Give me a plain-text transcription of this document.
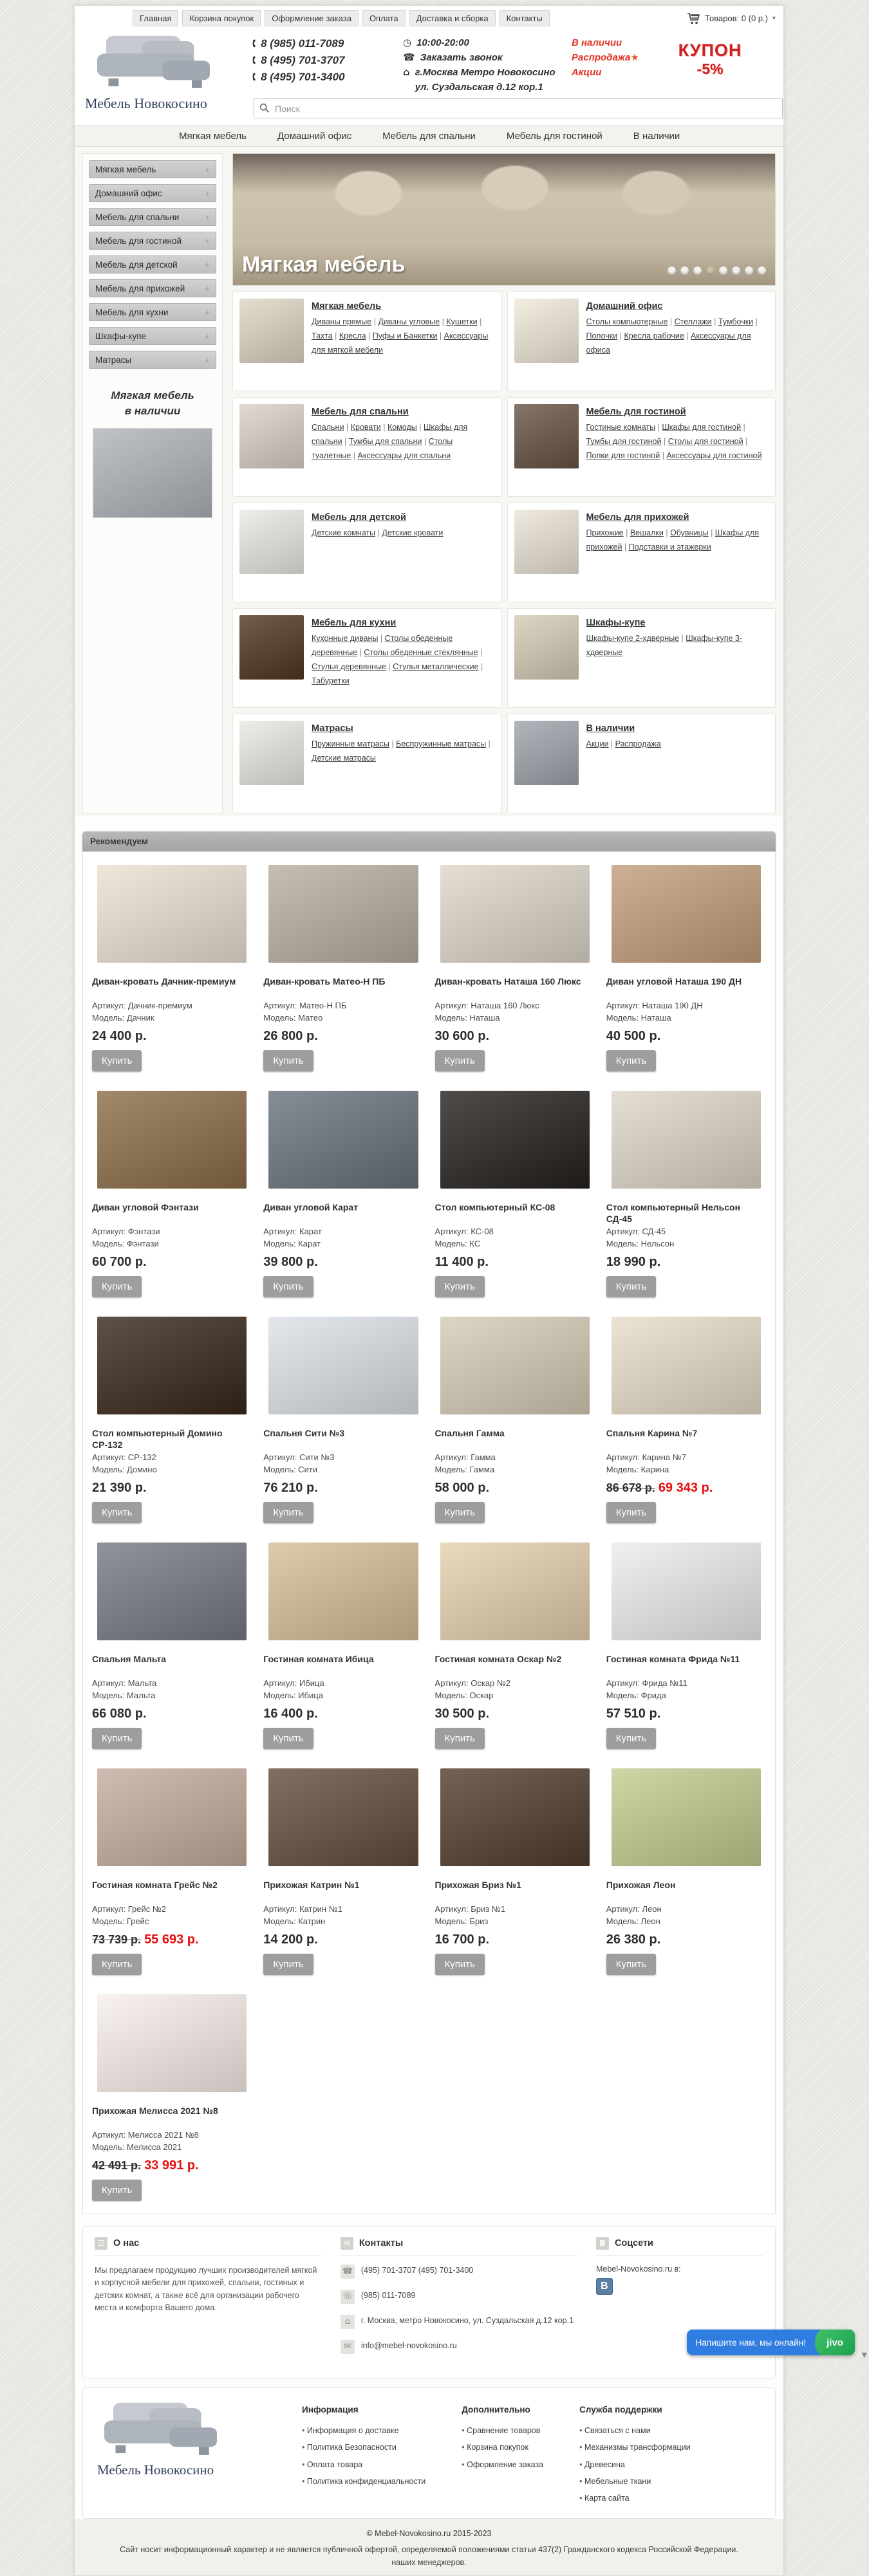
Главная	Корзина покупок	Оформление заказа	Оплата	Доставка и сборка	Контакты	Товаров: 0 (0 р.) ▾
Мебель Новокосино
🕻 8 (985) 011-7089
🕻 8 (495) 701-3707
🕻 8 (495) 701-3400
◷ 10:00-20:00
☎ Заказать звонок
⌂ г.Москва Метро Новокосино
ул. Суздальская д.12 кор.1
В наличии
Распродажа★
Акции
КУПОН
-5%
Поиск
Мягкая мебель	Домашний офис	Мебель для спальни	Мебель для гостиной	В наличии
Мягкая мебель	+
Домашний офис	+
Мебель для спальни	+
Мебель для гостиной	+
Мебель для детской	+
Мебель для прихожей +
Мебель для кухни	+
Шкафы-купе	+
Матрасы	+
Мягкая мебель
в наличии
Мягкая мебель
Мягкая мебель
Диваны прямые | Диваны угловые | Кушетки | Тахта | Кресла | Пуфы и Банкетки | Аксессуары для мягкой мебели
Домашний офис
Столы компьютерные | Стеллажи | Тумбочки | Полочки | Кресла рабочие | Аксессуары для офиса
Мебель для спальни
Спальни | Кровати | Комоды | Шкафы для спальни | Тумбы для спальни | Столы туалетные | Аксессуары для спальни
Мебель для гостиной
Гостиные комнаты | Шкафы для гостиной | Тумбы для гостиной | Столы для гостиной | Полки для гостиной | Аксессуары для гостиной
Мебель для детской
Детские комнаты | Детские кровати
Мебель для прихожей
Прихожие | Вешалки | Обувницы | Шкафы для прихожей | Подставки и этажерки
Мебель для кухни
Кухонные диваны | Столы обеденные деревянные | Столы обеденные стеклянные | Стулья деревянные | Стулья металлические | Табуретки
Шкафы-купе
Шкафы-купе 2-хдверные | Шкафы-купе 3-хдверные
Матрасы
Пружинные матрасы | Беспружинные матрасы | Детские матрасы
В наличии
Акции | Распродажа
Рекомендуем
Диван-кровать Дачник-премиум
Артикул: Дачник-премиум
Модель: Дачник
24 400 р.
Купить
Диван-кровать Матео-Н ПБ
Артикул: Матео-Н ПБ
Модель: Матео
26 800 р.
Купить
Диван-кровать Наташа 160 Люкс
Артикул: Наташа 160 Люкс
Модель: Наташа
30 600 р.
Купить
Диван угловой Наташа 190 ДН
Артикул: Наташа 190 ДН
Модель: Наташа
40 500 р.
Купить
Диван угловой Фэнтази
Артикул: Фэнтази
Модель: Фэнтази
60 700 р.
Купить
Диван угловой Карат
Артикул: Карат
Модель: Карат
39 800 р.
Купить
Стол компьютерный КС-08
Артикул: КС-08
Модель: КС
11 400 р.
Купить
Стол компьютерный Нельсон СД-45
Артикул: СД-45
Модель: Нельсон
18 990 р.
Купить
Стол компьютерный Домино СР-132
Артикул: СР-132
Модель: Домино
21 390 р.
Купить
Спальня Сити №3
Артикул: Сити №3
Модель: Сити
76 210 р.
Купить
Спальня Гамма
Артикул: Гамма
Модель: Гамма
58 000 р.
Купить
Спальня Карина №7
Артикул: Карина №7
Модель: Карина
86 678 р. 69 343 р.
Купить
Спальня Мальта
Артикул: Мальта
Модель: Мальта
66 080 р.
Купить
Гостиная комната Ибица
Артикул: Ибица
Модель: Ибица
16 400 р.
Купить
Гостиная комната Оскар №2
Артикул: Оскар №2
Модель: Оскар
30 500 р.
Купить
Гостиная комната Фрида №11
Артикул: Фрида №11
Модель: Фрида
57 510 р.
Купить
Гостиная комната Грейс №2
Артикул: Грейс №2
Модель: Грейс
73 739 р. 55 693 р.
Купить
Прихожая Катрин №1
Артикул: Катрин №1
Модель: Катрин
14 200 р.
Купить
Прихожая Бриз №1
Артикул: Бриз №1
Модель: Бриз
16 700 р.
Купить
Прихожая Леон
Артикул: Леон
Модель: Леон
26 380 р.
Купить
Прихожая Мелисса 2021 №8
Артикул: Мелисса 2021 №8
Модель: Мелисса 2021
42 491 р. 33 991 р.
Купить
☲ О нас
Мы предлагаем продукцию лучших производителей мягкой и корпусной мебели для прихожей, спальни, гостиных и детских комнат, а также всё для организации рабочего места и комфорта Вашего дома.
✉ Контакты
☎ (495) 701-3707 (495) 701-3400
☏ (985) 011-7089
⌂	г. Москва, метро Новокосино, ул. Суздальская д.12 кор.1
✉	info@mebel-novokosino.ru
B Соцсети
Mebel-Novokosino.ru в:
В
Мебель Новокосино
Информация
• Информация о доставке
• Политика Безопасности
• Оплата товара
• Политика конфиденциальности
Дополнительно
• Сравнение товаров
• Корзина покупок
• Оформление заказа
Служба поддержки
• Связаться с нами
• Механизмы трансформации
• Древесина
• Мебельные ткани
• Карта сайта
© Mebel-Novokosino.ru 2015-2023
Сайт носит информационный характер и не является публичной офертой, определяемой положениями статьи 437(2) Гражданского кодекса Российской Федерации.
наших менеджеров.
Напишите нам, мы онлайн!	jivo
▼
